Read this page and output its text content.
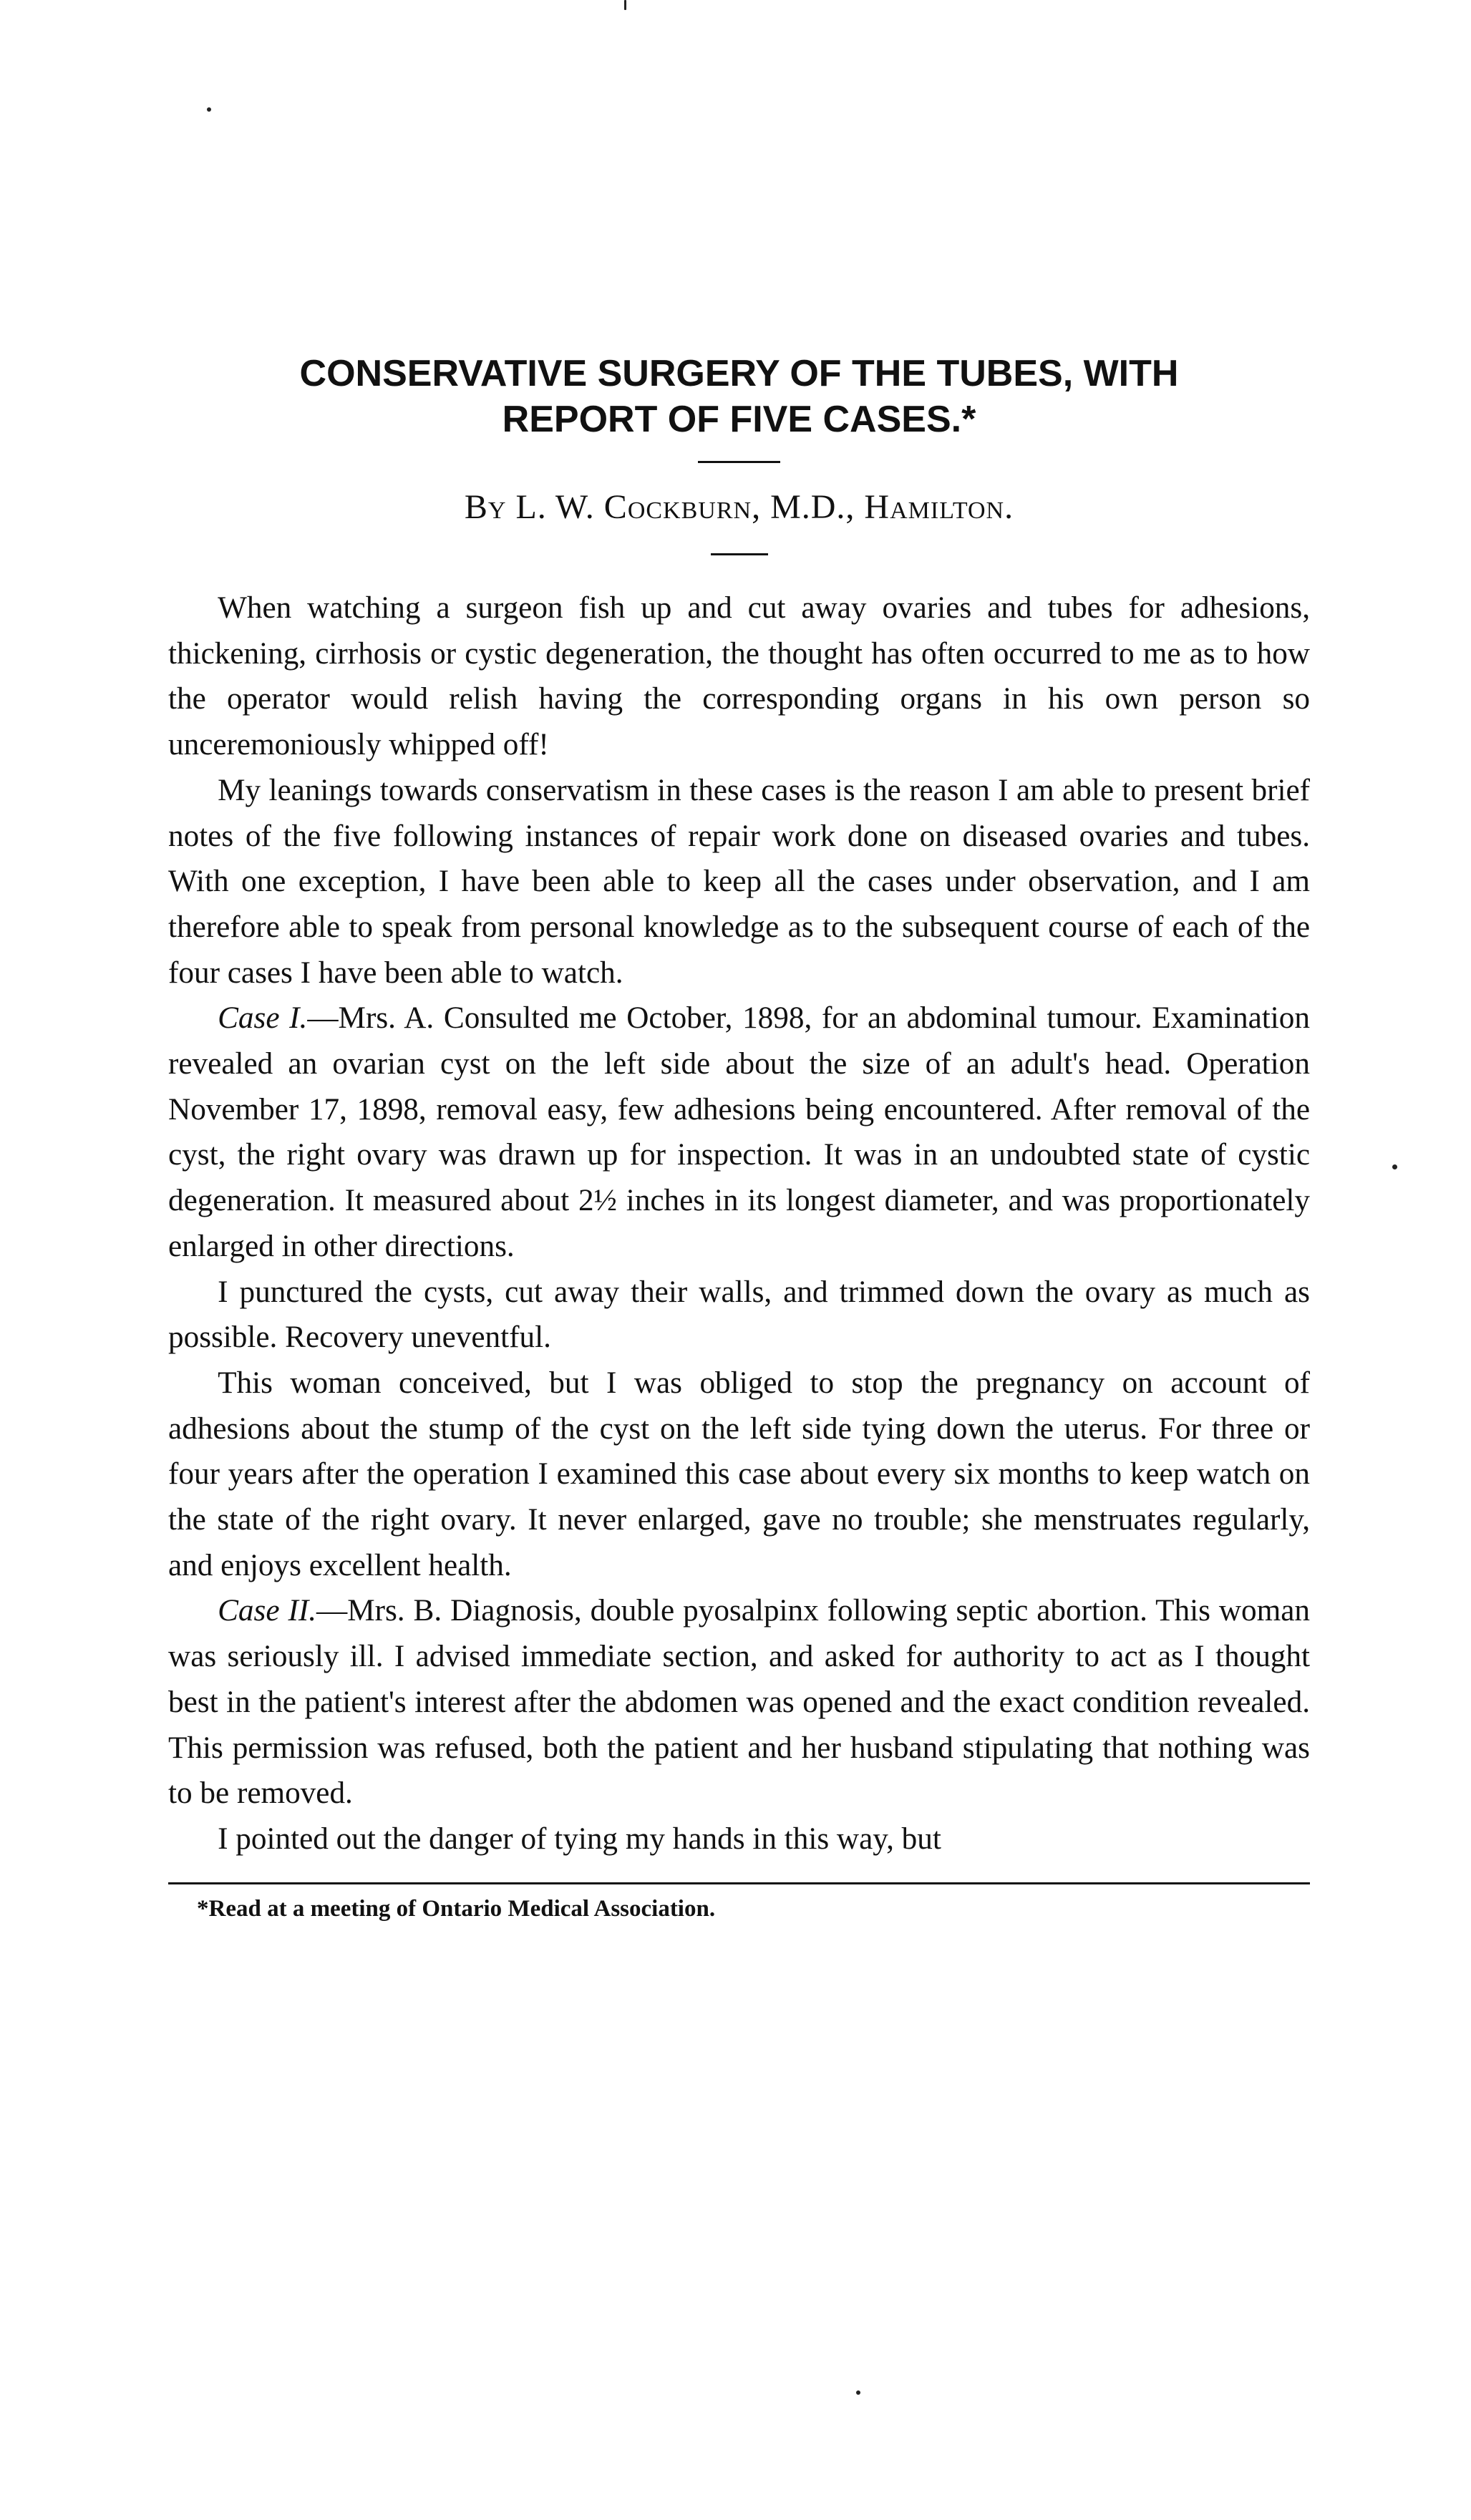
CONSERVATIVE SURGERY OF THE TUBES, WITH
REPORT OF FIVE CASES.*
By L. W. Cockburn, M.D., Hamilton.

When watching a surgeon fish up and cut away ovaries and tubes for adhesions, thickening, cirrhosis or cystic degeneration, the thought has often occurred to me as to how the operator would relish having the corresponding organs in his own person so unceremoniously whipped off!

My leanings towards conservatism in these cases is the reason I am able to present brief notes of the five following instances of repair work done on diseased ovaries and tubes. With one exception, I have been able to keep all the cases under observation, and I am therefore able to speak from personal knowledge as to the subsequent course of each of the four cases I have been able to watch.

Case I.—Mrs. A. Consulted me October, 1898, for an abdominal tumour. Examination revealed an ovarian cyst on the left side about the size of an adult's head. Operation November 17, 1898, removal easy, few adhesions being encountered. After removal of the cyst, the right ovary was drawn up for inspection. It was in an undoubted state of cystic degeneration. It measured about 2½ inches in its longest diameter, and was proportionately enlarged in other directions.

I punctured the cysts, cut away their walls, and trimmed down the ovary as much as possible. Recovery uneventful.

This woman conceived, but I was obliged to stop the pregnancy on account of adhesions about the stump of the cyst on the left side tying down the uterus. For three or four years after the operation I examined this case about every six months to keep watch on the state of the right ovary. It never enlarged, gave no trouble; she menstruates regularly, and enjoys excellent health.

Case II.—Mrs. B. Diagnosis, double pyosalpinx following septic abortion. This woman was seriously ill. I advised immediate section, and asked for authority to act as I thought best in the patient's interest after the abdomen was opened and the exact condition revealed. This permission was refused, both the patient and her husband stipulating that nothing was to be removed.

I pointed out the danger of tying my hands in this way, but

*Read at a meeting of Ontario Medical Association.
